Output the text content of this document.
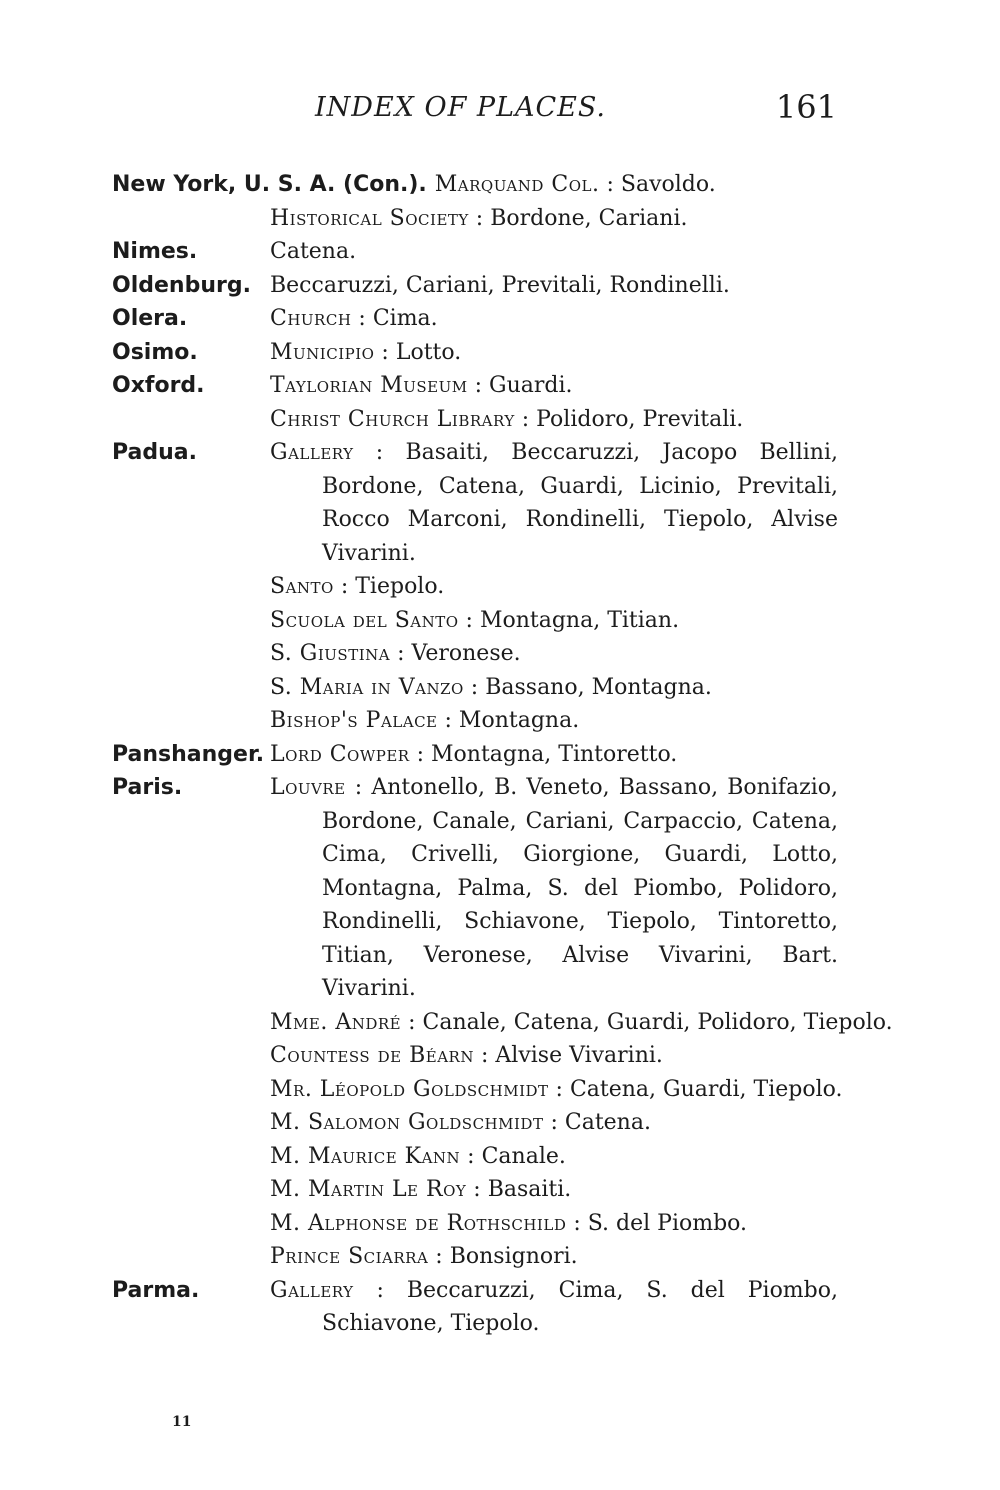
INDEX OF PLACES.	161
New York, U. S. A. (Con.). Marquand Col. : Savoldo.
Historical Society : Bordone, Cariani.
Nimes.	Catena.
Oldenburg. Beccaruzzi, Cariani, Previtali, Rondinelli.
Olera.	Church : Cima.
Osimo.	Municipio : Lotto.
Oxford.	Taylorian Museum : Guardi.
Christ Church Library : Polidoro, Previtali.
Padua.	Gallery : Basaiti, Beccaruzzi, Jacopo Bellini, Bordone, Catena, Guardi, Licinio, Previtali, Rocco Marconi, Rondinelli, Tiepolo, Alvise Vivarini.
Santo : Tiepolo.
Scuola del Santo : Montagna, Titian.
S. Giustina : Veronese.
S. Maria in Vanzo : Bassano, Montagna.
Bishop's Palace : Montagna.
Panshanger. Lord Cowper : Montagna, Tintoretto.
Paris.	Louvre : Antonello, B. Veneto, Bassano, Bonifazio, Bordone, Canale, Cariani, Carpaccio, Catena, Cima, Crivelli, Giorgione, Guardi, Lotto, Montagna, Palma, S. del Piombo, Polidoro, Rondinelli, Schiavone, Tiepolo, Tintoretto, Titian, Veronese, Alvise Vivarini, Bart. Vivarini.
Mme. André : Canale, Catena, Guardi, Polidoro, Tiepolo.
Countess de Béarn : Alvise Vivarini.
Mr. Léopold Goldschmidt : Catena, Guardi, Tiepolo.
M. Salomon Goldschmidt : Catena.
M. Maurice Kann : Canale.
M. Martin Le Roy : Basaiti.
M. Alphonse de Rothschild : S. del Piombo.
Prince Sciarra : Bonsignori.
Parma.	Gallery : Beccaruzzi, Cima, S. del Piombo, Schiavone, Tiepolo.
11
